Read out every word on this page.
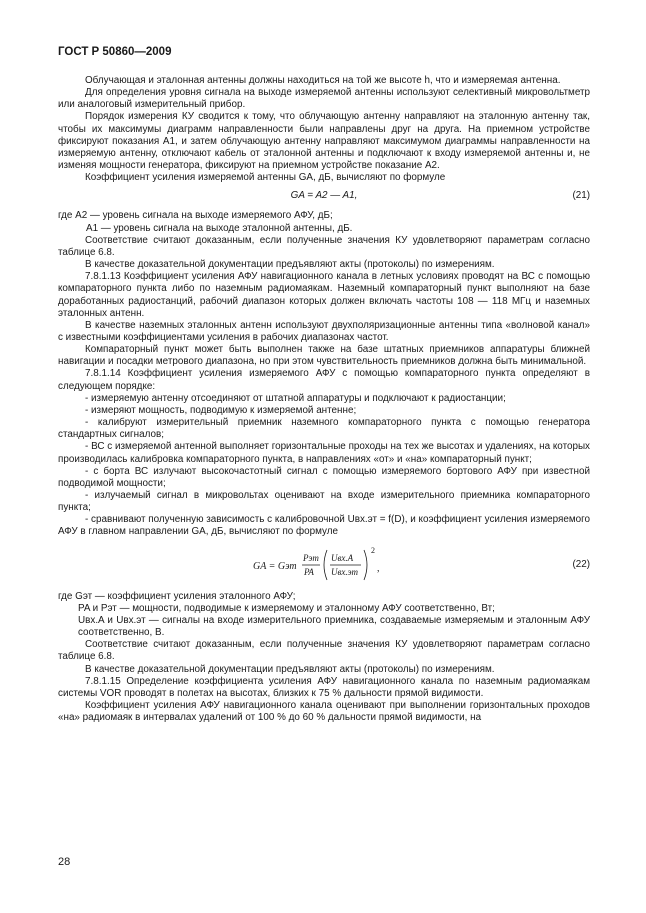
ГОСТ Р 50860—2009

Облучающая и эталонная антенны должны находиться на той же высоте h, что и измеряемая антенна.

Для определения уровня сигнала на выходе измеряемой антенны используют селективный микровольтметр или аналоговый измерительный прибор.

Порядок измерения КУ сводится к тому, что облучающую антенну направляют на эталонную антенну так, чтобы их максимумы диаграмм направленности были направлены друг на друга. На приемном устройстве фиксируют показания A1, и затем облучающую антенну направляют максимумом диаграммы направленности на измеряемую антенну, отключают кабель от эталонной антенны и подключают к входу измеряемой антенны и, не изменяя мощности генератора, фиксируют на приемном устройстве показание A2.

Коэффициент усиления измеряемой антенны GA, дБ, вычисляют по формуле

GA = A2 — A1,	(21)

где A2 — уровень сигнала на выходе измеряемого АФУ, дБ;

A1 — уровень сигнала на выходе эталонной антенны, дБ.

Соответствие считают доказанным, если полученные значения КУ удовлетворяют параметрам согласно таблице 6.8.

В качестве доказательной документации предъявляют акты (протоколы) по измерениям.

7.8.1.13 Коэффициент усиления АФУ навигационного канала в летных условиях проводят на ВС с помощью компараторного пункта либо по наземным радиомаякам. Наземный компараторный пункт выполняют на базе доработанных радиостанций, рабочий диапазон которых должен включать частоты 108 — 118 МГц и наземных эталонных антенн.

В качестве наземных эталонных антенн используют двухполяризационные антенны типа «волновой канал» с известными коэффициентами усиления в рабочих диапазонах частот.

Компараторный пункт может быть выполнен также на базе штатных приемников аппаратуры ближней навигации и посадки метрового диапазона, но при этом чувствительность приемников должна быть минимальной.

7.8.1.14 Коэффициент усиления измеряемого АФУ с помощью компараторного пункта определяют в следующем порядке:

- измеряемую антенну отсоединяют от штатной аппаратуры и подключают к радиостанции;

- измеряют мощность, подводимую к измеряемой антенне;

- калибруют измерительный приемник наземного компараторного пункта с помощью генератора стандартных сигналов;

- ВС с измеряемой антенной выполняет горизонтальные проходы на тех же высотах и удалениях, на которых производилась калибровка компараторного пункта, в направлениях «от» и «на» компараторный пункт;

- с борта ВС излучают высокочастотный сигнал с помощью измеряемого бортового АФУ при известной подводимой мощности;

- излучаемый сигнал в микровольтах оценивают на входе измерительного приемника компараторного пункта;

- сравнивают полученную зависимость с калибровочной Uвх.эт = f(D), и коэффициент усиления измеряемого АФУ в главном направлении GA, дБ, вычисляют по формуле

GA = Gэт
Pэт
PA
Uвх.A
Uвх.эт
2
,	(22)

где Gэт — коэффициент усиления эталонного АФУ;

PA и Pэт — мощности, подводимые к измеряемому и эталонному АФУ соответственно, Вт;

Uвх.A и Uвх.эт — сигналы на входе измерительного приемника, создаваемые измеряемым и эталонным АФУ соответственно, В.

Соответствие считают доказанным, если полученные значения КУ удовлетворяют параметрам согласно таблице 6.8.

В качестве доказательной документации предъявляют акты (протоколы) по измерениям.

7.8.1.15 Определение коэффициента усиления АФУ навигационного канала по наземным радиомаякам системы VOR проводят в полетах на высотах, близких к 75 % дальности прямой видимости.

Коэффициент усиления АФУ навигационного канала оценивают при выполнении горизонтальных проходов «на» радиомаяк в интервалах удалений от 100 % до 60 % дальности прямой видимости, на

28
